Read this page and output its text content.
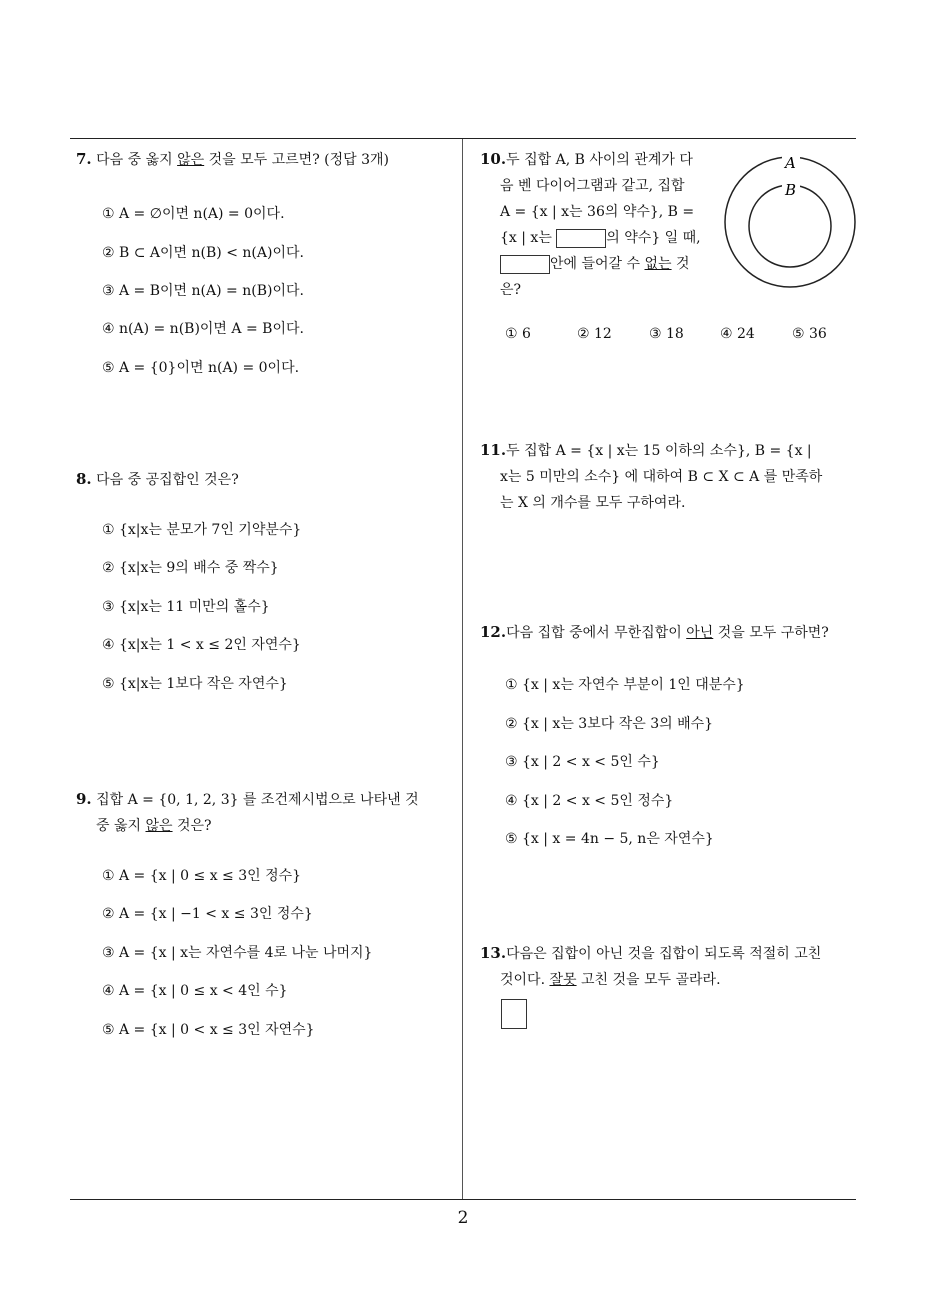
7. 다음 중 옳지 않은 것을 모두 고르면? (정답 3개)
① A = ∅이면 n(A) = 0이다.
② B ⊂ A이면 n(B) < n(A)이다.
③ A = B이면 n(A) = n(B)이다.
④ n(A) = n(B)이면 A = B이다.
⑤ A = {0}이면 n(A) = 0이다.
8. 다음 중 공집합인 것은?
① {x|x는 분모가 7인 기약분수}
② {x|x는 9의 배수 중 짝수}
③ {x|x는 11 미만의 홀수}
④ {x|x는 1 < x ≤ 2인 자연수}
⑤ {x|x는 1보다 작은 자연수}
9. 집합 A = {0, 1, 2, 3} 를 조건제시법으로 나타낸 것
중 옳지 않은 것은?
① A = {x | 0 ≤ x ≤ 3인 정수}
② A = {x | −1 < x ≤ 3인 정수}
③ A = {x | x는 자연수를 4로 나눈 나머지}
④ A = {x | 0 ≤ x < 4인 수}
⑤ A = {x | 0 < x ≤ 3인 자연수}
10.두 집합 A, B 사이의 관계가 다
음 벤 다이어그램과 같고, 집합
A = {x | x는 36의 약수}, B =
{x | x는	의 약수} 일 때,
안에 들어갈 수 없는 것
은?
A
B
① 6	② 12	③ 18	④ 24	⑤ 36
11.두 집합 A = {x | x는 15 이하의 소수}, B = {x |
x는 5 미만의 소수} 에 대하여 B ⊂ X ⊂ A 를 만족하
는 X 의 개수를 모두 구하여라.
12.다음 집합 중에서 무한집합이 아닌 것을 모두 구하면?
① {x | x는 자연수 부분이 1인 대분수}
② {x | x는 3보다 작은 3의 배수}
③ {x | 2 < x < 5인 수}
④ {x | 2 < x < 5인 정수}
⑤ {x | x = 4n − 5, n은 자연수}
13.다음은 집합이 아닌 것을 집합이 되도록 적절히 고친
것이다. 잘못 고친 것을 모두 골라라.
2
